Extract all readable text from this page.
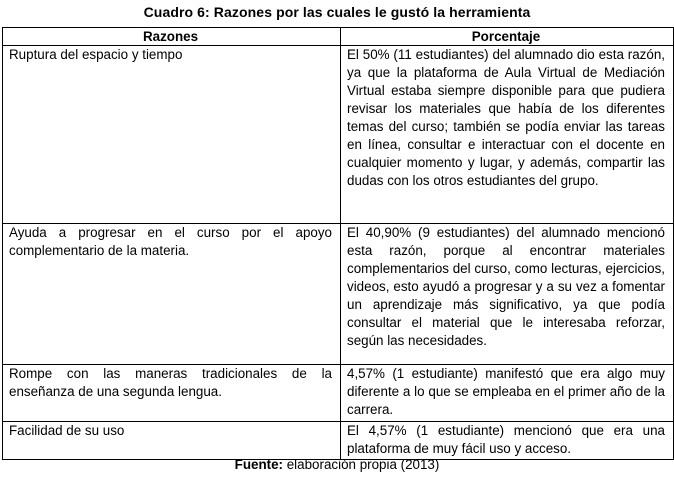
Cuadro 6: Razones por las cuales le gustó la herramienta
Razones	Porcentaje
Ruptura del espacio y tiempo	El 50% (11 estudiantes) del alumnado dio esta razón, ya que la plataforma de Aula Virtual de Mediación Virtual estaba siempre disponible para que pudiera revisar los materiales que había de los diferentes temas del curso; también se podía enviar las tareas en línea, consultar e interactuar con el docente en cualquier momento y lugar, y además, compartir las dudas con los otros estudiantes del grupo.
Ayuda a progresar en el curso por el apoyo complementario de la materia.	El 40,90% (9 estudiantes) del alumnado mencionó esta razón, porque al encontrar materiales complementarios del curso, como lecturas, ejercicios, videos, esto ayudó a progresar y a su vez a fomentar un aprendizaje más significativo, ya que podía consultar el material que le interesaba reforzar, según las necesidades.
Rompe con las maneras tradicionales de la enseñanza de una segunda lengua.	4,57% (1 estudiante) manifestó que era algo muy diferente a lo que se empleaba en el primer año de la carrera.
Facilidad de su uso	El 4,57% (1 estudiante) mencionó que era una plataforma de muy fácil uso y acceso.
Fuente: elaboración propia (2013)
